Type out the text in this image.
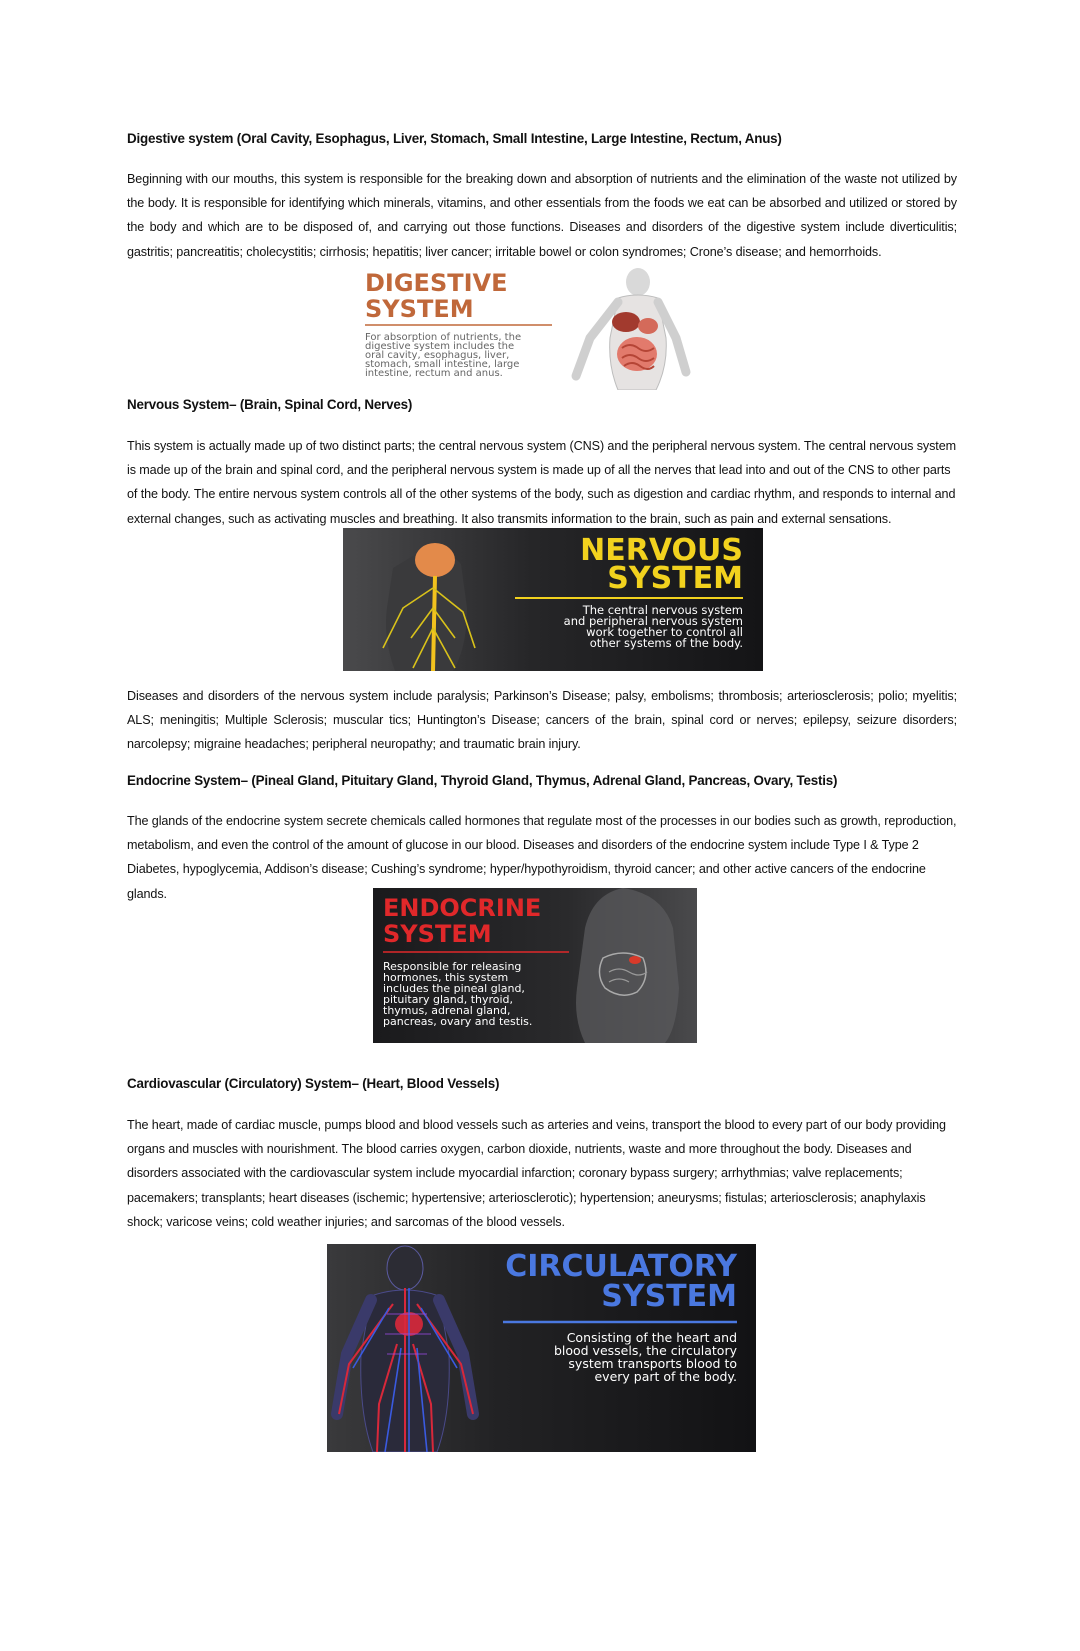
Digestive system (Oral Cavity, Esophagus, Liver, Stomach, Small Intestine, Large Intestine, Rectum, Anus)
Beginning with our mouths, this system is responsible for the breaking down and absorption of nutrients and the elimination of the waste not utilized by the body. It is responsible for identifying which minerals, vitamins, and other essentials from the foods we eat can be absorbed and utilized or stored by the body and which are to be disposed of, and carrying out those functions. Diseases and disorders of the digestive system include diverticulitis; gastritis; pancreatitis; cholecystitis; cirrhosis; hepatitis; liver cancer; irritable bowel or colon syndromes; Crone’s disease; and hemorrhoids.
DIGESTIVE
SYSTEM
For absorption of nutrients, the
digestive system includes the
oral cavity, esophagus, liver,
stomach, small intestine, large
intestine, rectum and anus.
Nervous System– (Brain, Spinal Cord, Nerves)
This system is actually made up of two distinct parts; the central nervous system (CNS) and the peripheral nervous system. The central nervous system is made up of the brain and spinal cord, and the peripheral nervous system is made up of all the nerves that lead into and out of the CNS to other parts of the body. The entire nervous system controls all of the other systems of the body, such as digestion and cardiac rhythm, and responds to internal and external changes, such as activating muscles and breathing. It also transmits information to the brain, such as pain and external sensations.
NERVOUS
SYSTEM
The central nervous system
and peripheral nervous system
work together to control all
other systems of the body.
Diseases and disorders of the nervous system include paralysis; Parkinson’s Disease; palsy, embolisms; thrombosis; arteriosclerosis; polio; myelitis; ALS; meningitis; Multiple Sclerosis; muscular tics; Huntington’s Disease; cancers of the brain, spinal cord or nerves; epilepsy, seizure disorders; narcolepsy; migraine headaches; peripheral neuropathy; and traumatic brain injury.
Endocrine System– (Pineal Gland, Pituitary Gland, Thyroid Gland, Thymus, Adrenal Gland, Pancreas, Ovary, Testis)
The glands of the endocrine system secrete chemicals called hormones that regulate most of the processes in our bodies such as growth, reproduction, metabolism, and even the control of the amount of glucose in our blood. Diseases and disorders of the endocrine system include Type I & Type 2 Diabetes, hypoglycemia, Addison’s disease; Cushing’s syndrome; hyper/hypothyroidism, thyroid cancer; and other active cancers of the endocrine glands.
ENDOCRINE
SYSTEM
Responsible for releasing
hormones, this system
includes the pineal gland,
pituitary gland, thyroid,
thymus, adrenal gland,
pancreas, ovary and testis.
Cardiovascular (Circulatory) System– (Heart, Blood Vessels)
The heart, made of cardiac muscle, pumps blood and blood vessels such as arteries and veins, transport the blood to every part of our body providing organs and muscles with nourishment. The blood carries oxygen, carbon dioxide, nutrients, waste and more throughout the body. Diseases and disorders associated with the cardiovascular system include myocardial infarction; coronary bypass surgery; arrhythmias; valve replacements; pacemakers; transplants; heart diseases (ischemic; hypertensive; arteriosclerotic); hypertension; aneurysms; fistulas; arteriosclerosis; anaphylaxis shock; varicose veins; cold weather injuries; and sarcomas of the blood vessels.
CIRCULATORY
SYSTEM
Consisting of the heart and
blood vessels, the circulatory
system transports blood to
every part of the body.
